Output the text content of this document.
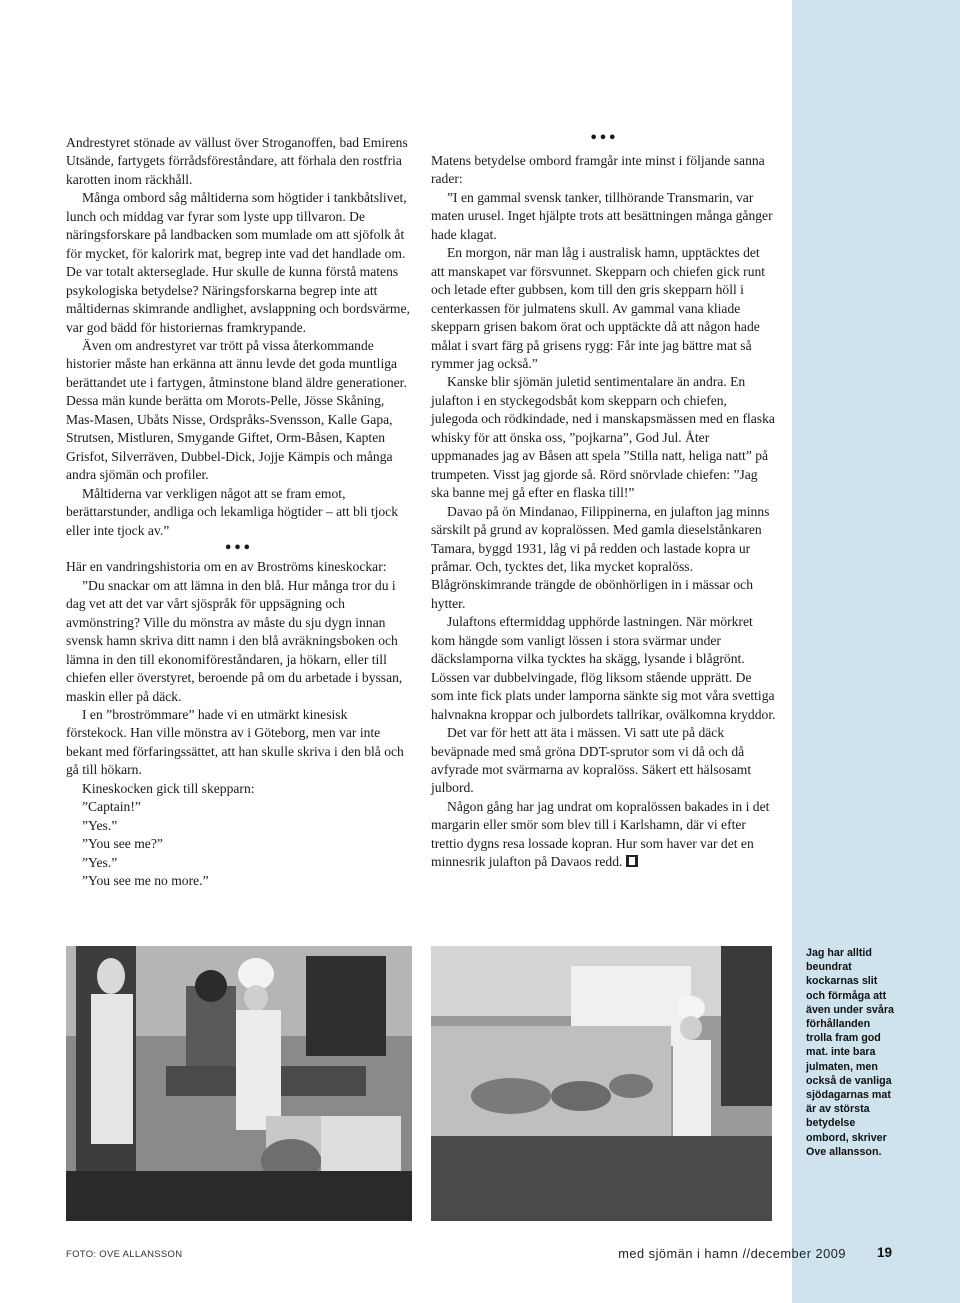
Andrestyret stönade av vällust över Stroganoffen, bad Emirens Utsände, fartygets förrådsföreståndare, att förhala den rostfria karotten inom räckhåll.

Många ombord såg måltiderna som högtider i tankbåtslivet, lunch och middag var fyrar som lyste upp tillvaron. De näringsforskare på landbacken som mumlade om att sjöfolk åt för mycket, för kalorirk mat, begrep inte vad det handlade om. De var totalt akterseglade. Hur skulle de kunna förstå matens psykologiska betydelse? Näringsforskarna begrep inte att måltidernas skimrande andlighet, avslappning och bordsvärme, var god bädd för historiernas framkrypande.

Även om andrestyret var trött på vissa återkommande historier måste han erkänna att ännu levde det goda muntliga berättandet ute i fartygen, åtminstone bland äldre generationer. Dessa män kunde berätta om Morots-Pelle, Jösse Skåning, Mas-Masen, Ubåts Nisse, Ordspråks-Svensson, Kalle Gapa, Strutsen, Mistluren, Smygande Giftet, Orm-Båsen, Kapten Grisfot, Silverräven, Dubbel-Dick, Jojje Kämpis och många andra sjömän och profiler.

Måltiderna var verkligen något att se fram emot, berättarstunder, andliga och lekamliga högtider – att bli tjock eller inte tjock av.”

•••

Här en vandringshistoria om en av Broströms kineskockar:

”Du snackar om att lämna in den blå. Hur många tror du i dag vet att det var vårt sjöspråk för uppsägning och avmönstring? Ville du mönstra av måste du sju dygn innan svensk hamn skriva ditt namn i den blå avräkningsboken och lämna in den till ekonomiföreståndaren, ja hökarn, eller till chiefen eller överstyret, beroende på om du arbetade i byssan, maskin eller på däck.

I en ”broströmmare” hade vi en utmärkt kinesisk förstekock. Han ville mönstra av i Göteborg, men var inte bekant med förfaringssättet, att han skulle skriva i den blå och gå till hökarn.

Kineskocken gick till skepparn:

”Captain!”

”Yes.”

”You see me?”

”Yes.”

”You see me no more.”

•••

Matens betydelse ombord framgår inte minst i följande sanna rader:

”I en gammal svensk tanker, tillhörande Transmarin, var maten urusel. Inget hjälpte trots att besättningen många gånger hade klagat.

En morgon, när man låg i australisk hamn, upptäcktes det att manskapet var försvunnet. Skepparn och chiefen gick runt och letade efter gubbsen, kom till den gris skepparn höll i centerkassen för julmatens skull. Av gammal vana kliade skepparn grisen bakom örat och upptäckte då att någon hade målat i svart färg på grisens rygg: Får inte jag bättre mat så rymmer jag också.”

Kanske blir sjömän juletid sentimentalare än andra. En julafton i en styckegodsbåt kom skepparn och chiefen, julegoda och rödkindade, ned i manskapsmässen med en flaska whisky för att önska oss, ”pojkarna”, God Jul. Åter uppmanades jag av Båsen att spela ”Stilla natt, heliga natt” på trumpeten. Visst jag gjorde så. Rörd snörvlade chiefen: ”Jag ska banne mej gå efter en flaska till!”

Davao på ön Mindanao, Filippinerna, en julafton jag minns särskilt på grund av kopralössen. Med gamla dieselstånkaren Tamara, byggd 1931, låg vi på redden och lastade kopra ur pråmar. Och, tycktes det, lika mycket kopralöss. Blågrönskimrande trängde de obönhörligen in i mässar och hytter.

Julaftons eftermiddag upphörde lastningen. När mörkret kom hängde som vanligt lössen i stora svärmar under däckslamporna vilka tycktes ha skägg, lysande i blågrönt. Lössen var dubbelvingade, flög liksom stående upprätt. De som inte fick plats under lamporna sänkte sig mot våra svettiga halvnakna kroppar och julbordets tallrikar, ovälkomna kryddor.

Det var för hett att äta i mässen. Vi satt ute på däck beväpnade med små gröna DDT-sprutor som vi då och då avfyrade mot svärmarna av kopralöss. Säkert ett hälsosamt julbord.

Någon gång har jag undrat om kopralössen bakades in i det margarin eller smör som blev till i Karlshamn, där vi efter trettio dygns resa lossade kopran. Hur som haver var det en minnesrik julafton på Davaos redd.

Jag har alltid beundrat kockarnas slit och förmåga att även under svåra förhållanden trolla fram god mat. inte bara julmaten, men också de vanliga sjödagarnas mat är av största betydelse ombord, skriver Ove allansson.
FOTO: OVE ALLANSSON	med sjömän i hamn //december 2009 19
